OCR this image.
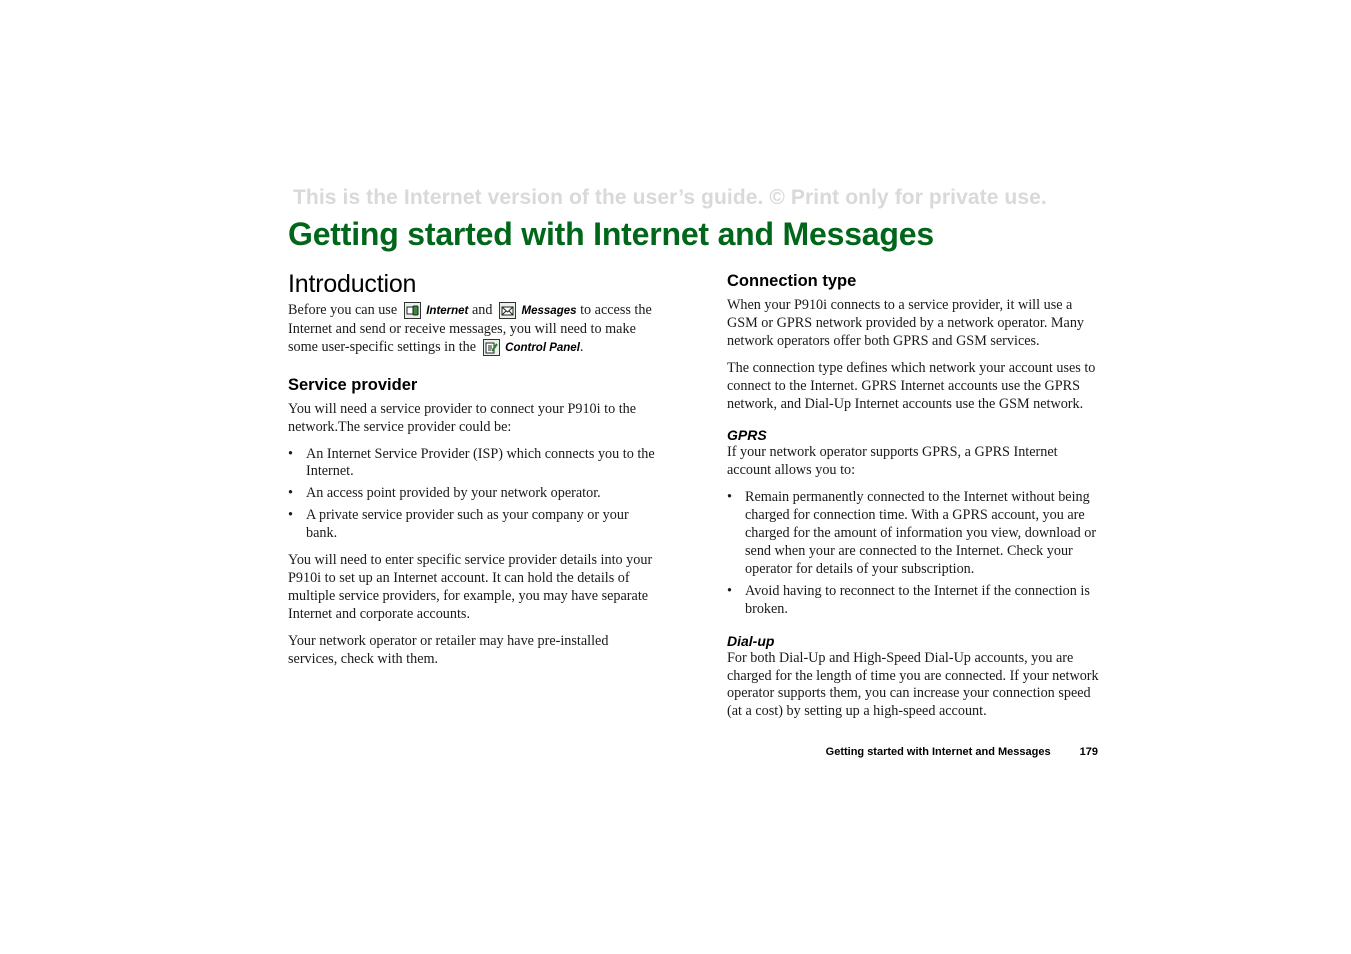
This is the Internet version of the user’s guide. © Print only for private use.
Getting started with Internet and Messages
Introduction

Before you can use	Internet and	Messages to access the Internet and send or receive messages, you will need to make some user-specific settings in the	Control Panel.

Service provider

You will need a service provider to connect your P910i to the network.The service provider could be:

• An Internet Service Provider (ISP) which connects you to the Internet.
• An access point provided by your network operator.
• A private service provider such as your company or your bank.

You will need to enter specific service provider details into your P910i to set up an Internet account. It can hold the details of multiple service providers, for example, you may have separate Internet and corporate accounts.

Your network operator or retailer may have pre-installed services, check with them.

Connection type

When your P910i connects to a service provider, it will use a GSM or GPRS network provided by a network operator. Many network operators offer both GPRS and GSM services.

The connection type defines which network your account uses to connect to the Internet. GPRS Internet accounts use the GPRS network, and Dial-Up Internet accounts use the GSM network.

GPRS

If your network operator supports GPRS, a GPRS Internet account allows you to:

• Remain permanently connected to the Internet without being charged for connection time. With a GPRS account, you are charged for the amount of information you view, download or send when your are connected to the Internet. Check your operator for details of your subscription.
• Avoid having to reconnect to the Internet if the connection is broken.
Dial-up

For both Dial-Up and High-Speed Dial-Up accounts, you are charged for the length of time you are connected. If your network operator supports them, you can increase your connection speed (at a cost) by setting up a high-speed account.

Getting started with Internet and Messages	179
